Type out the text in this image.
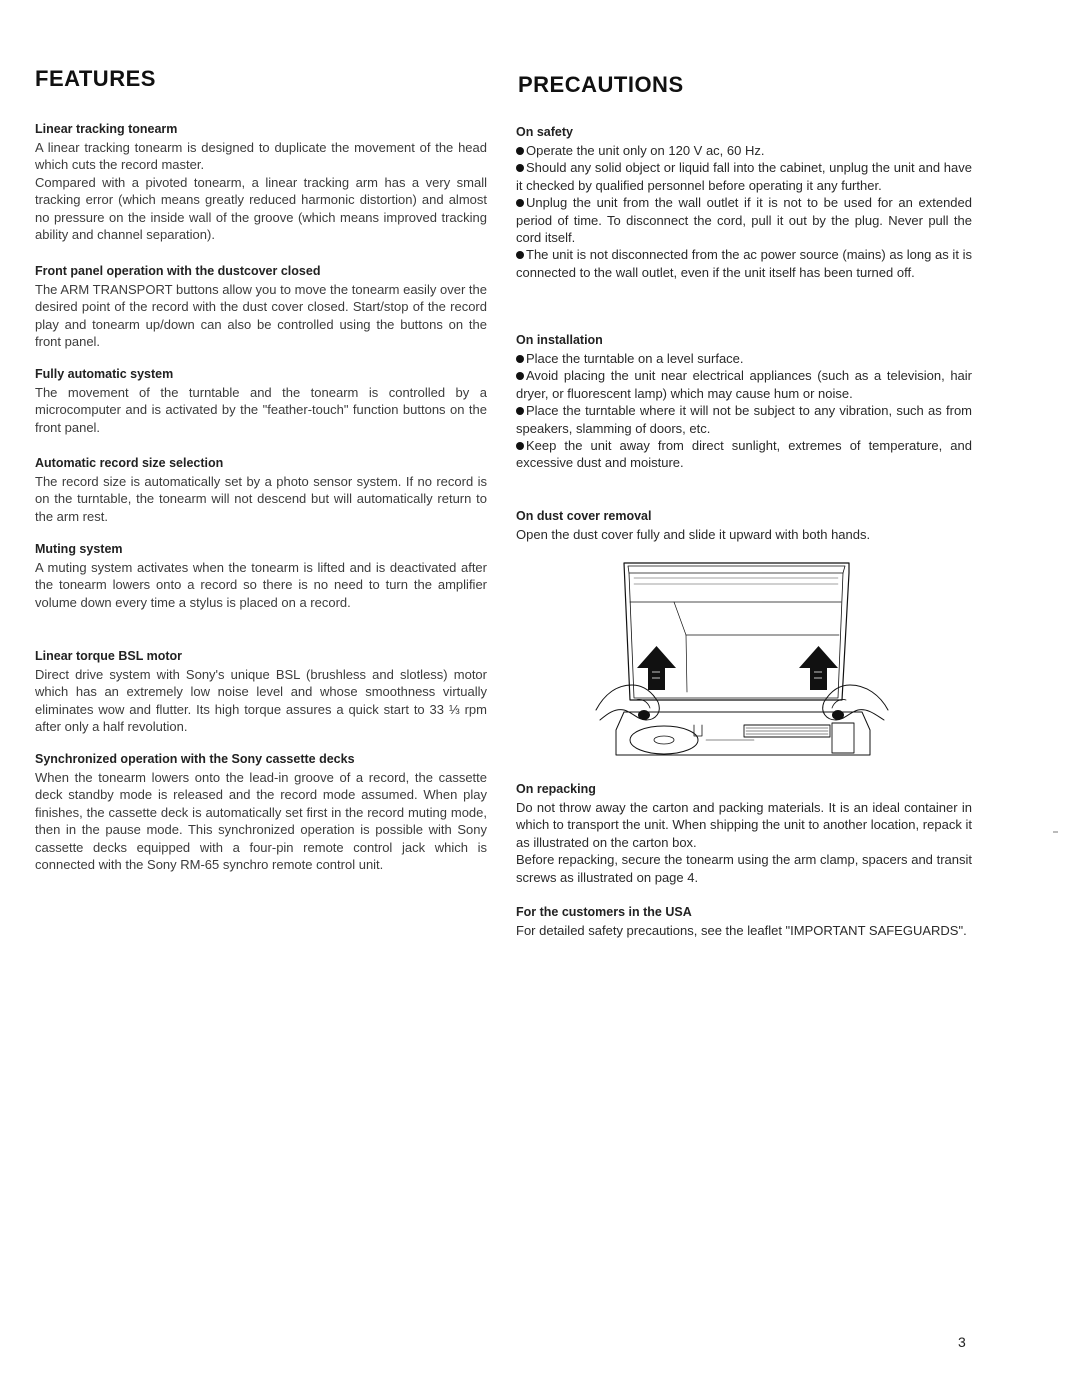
FEATURES
Linear tracking tonearm

A linear tracking tonearm is designed to duplicate the movement of the head which cuts the record master.

Compared with a pivoted tonearm, a linear tracking arm has a very small tracking error (which means greatly reduced harmonic distortion) and almost no pressure on the inside wall of the groove (which means improved tracking ability and channel separation).

Front panel operation with the dustcover closed

The ARM TRANSPORT buttons allow you to move the tonearm easily over the desired point of the record with the dust cover closed. Start/stop of the record play and tonearm up/down can also be controlled using the buttons on the front panel.

Fully automatic system

The movement of the turntable and the tonearm is controlled by a microcomputer and is activated by the "feather-touch" function buttons on the front panel.

Automatic record size selection

The record size is automatically set by a photo sensor system. If no record is on the turntable, the tonearm will not descend but will automatically return to the arm rest.

Muting system

A muting system activates when the tonearm is lifted and is deactivated after the tonearm lowers onto a record so there is no need to turn the amplifier volume down every time a stylus is placed on a record.

Linear torque BSL motor

Direct drive system with Sony's unique BSL (brushless and slotless) motor which has an extremely low noise level and whose smoothness virtually eliminates wow and flutter. Its high torque assures a quick start to 33 ⅓ rpm after only a half revolution.

Synchronized operation with the Sony cassette decks

When the tonearm lowers onto the lead-in groove of a record, the cassette deck standby mode is released and the record mode assumed. When play finishes, the cassette deck is automatically set first in the record muting mode, then in the pause mode. This synchronized operation is possible with Sony cassette decks equipped with a four-pin remote control jack which is connected with the Sony RM-65 synchro remote control unit.

PRECAUTIONS
On safety

Operate the unit only on 120 V ac, 60 Hz.

Should any solid object or liquid fall into the cabinet, unplug the unit and have it checked by qualified personnel before operating it any further.

Unplug the unit from the wall outlet if it is not to be used for an extended period of time. To disconnect the cord, pull it out by the plug. Never pull the cord itself.

The unit is not disconnected from the ac power source (mains) as long as it is connected to the wall outlet, even if the unit itself has been turned off.

On installation

Place the turntable on a level surface.

Avoid placing the unit near electrical appliances (such as a television, hair dryer, or fluorescent lamp) which may cause hum or noise.

Place the turntable where it will not be subject to any vibration, such as from speakers, slamming of doors, etc.

Keep the unit away from direct sunlight, extremes of temperature, and excessive dust and moisture.

On dust cover removal

Open the dust cover fully and slide it upward with both hands.

On repacking

Do not throw away the carton and packing materials. It is an ideal container in which to transport the unit. When shipping the unit to another location, repack it as illustrated on the carton box.

Before repacking, secure the tonearm using the arm clamp, spacers and transit screws as illustrated on page 4.

For the customers in the USA

For detailed safety precautions, see the leaflet "IMPORTANT SAFEGUARDS".

3
